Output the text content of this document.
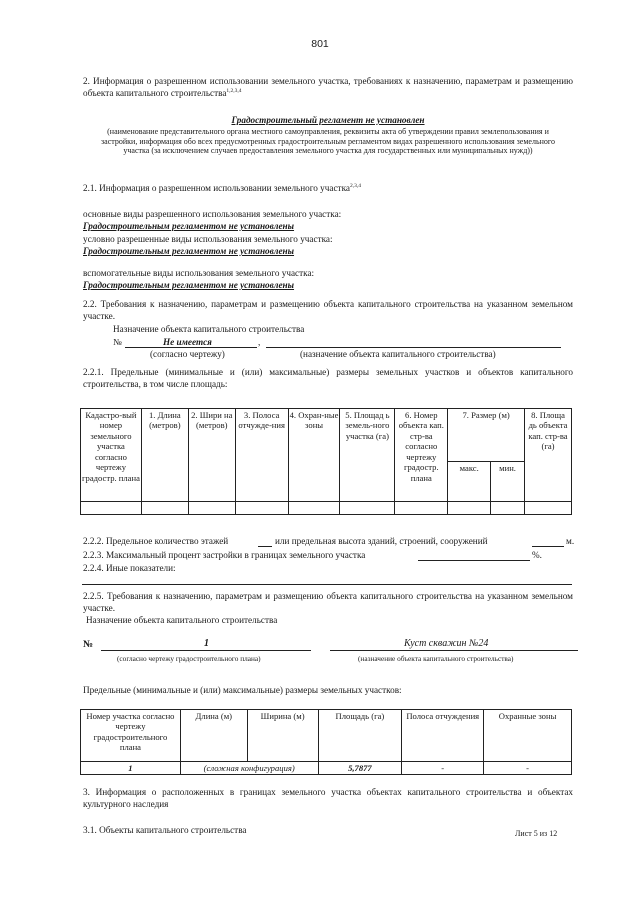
801
2. Информация о разрешенном использовании земельного участка, требованиях к назначению, параметрам и размещению объекта капитального строительства$^{1,2,3,4}$
Градостроительный регламент не установлен
(наименование представительного органа местного самоуправления, реквизиты акта об утверждении правил землепользования и застройки, информация обо всех предусмотренных градостроительным регламентом видах разрешенного использования земельного участка (за исключением случаев предоставления земельного участка для государственных или муниципальных нужд))
2.1. Информация о разрешенном использовании земельного участка$^{2,3,4}$
основные виды разрешенного использования земельного участка:
Градостроительным регламентом не установлены
условно разрешенные виды использования земельного участка:
Градостроительным регламентом не установлены
вспомогательные виды использования земельного участка:
Градостроительным регламентом не установлены
2.2. Требования к назначению, параметрам и размещению объекта капитального строительства на указанном земельном участке.
Назначение объекта капитального строительства
№	Не имеется	,
(согласно чертежу)	(назначение объекта капитального строительства)
2.2.1. Предельные (минимальные и (или) максимальные) размеры земельных участков и объектов капитального строительства, в том числе площадь:
Кадастро-вый номер земельного участка согласно чертежу градостр. плана	1. Длина (метров)	2. Шири на (метров)	3. Полоса отчужде-ния	4. Охран-ные зоны	5. Площад ь земель-ного участка (га)	6. Номер объекта кап. стр-ва согласно чертежу градостр. плана	7. Размер (м)		8. Площа дь объекта кап. стр-ва (га)
							макс.	мин.	

2.2.2. Предельное количество этажей	или предельная высота зданий, строений, сооружений	м.
2.2.3. Максимальный процент застройки в границах земельного участка	%.
2.2.4. Иные показатели:
2.2.5. Требования к назначению, параметрам и размещению объекта капитального строительства на указанном земельном участке.
Назначение объекта капитального строительства
№	1	Куст скважин №24
(согласно чертежу градостроительного плана)	(назначение объекта капитального строительства)
Предельные (минимальные и (или) максимальные) размеры земельных участков:
Номер участка согласно чертежу градостроительного плана	Длина (м)	Ширина (м)	Площадь (га)	Полоса отчуждения	Охранные зоны
1	(сложная конфигурация)		5,7877	-	-
3. Информация о расположенных в границах земельного участка объектах капитального строительства и объектах культурного наследия
3.1. Объекты капитального строительства	Лист 5 из 12
